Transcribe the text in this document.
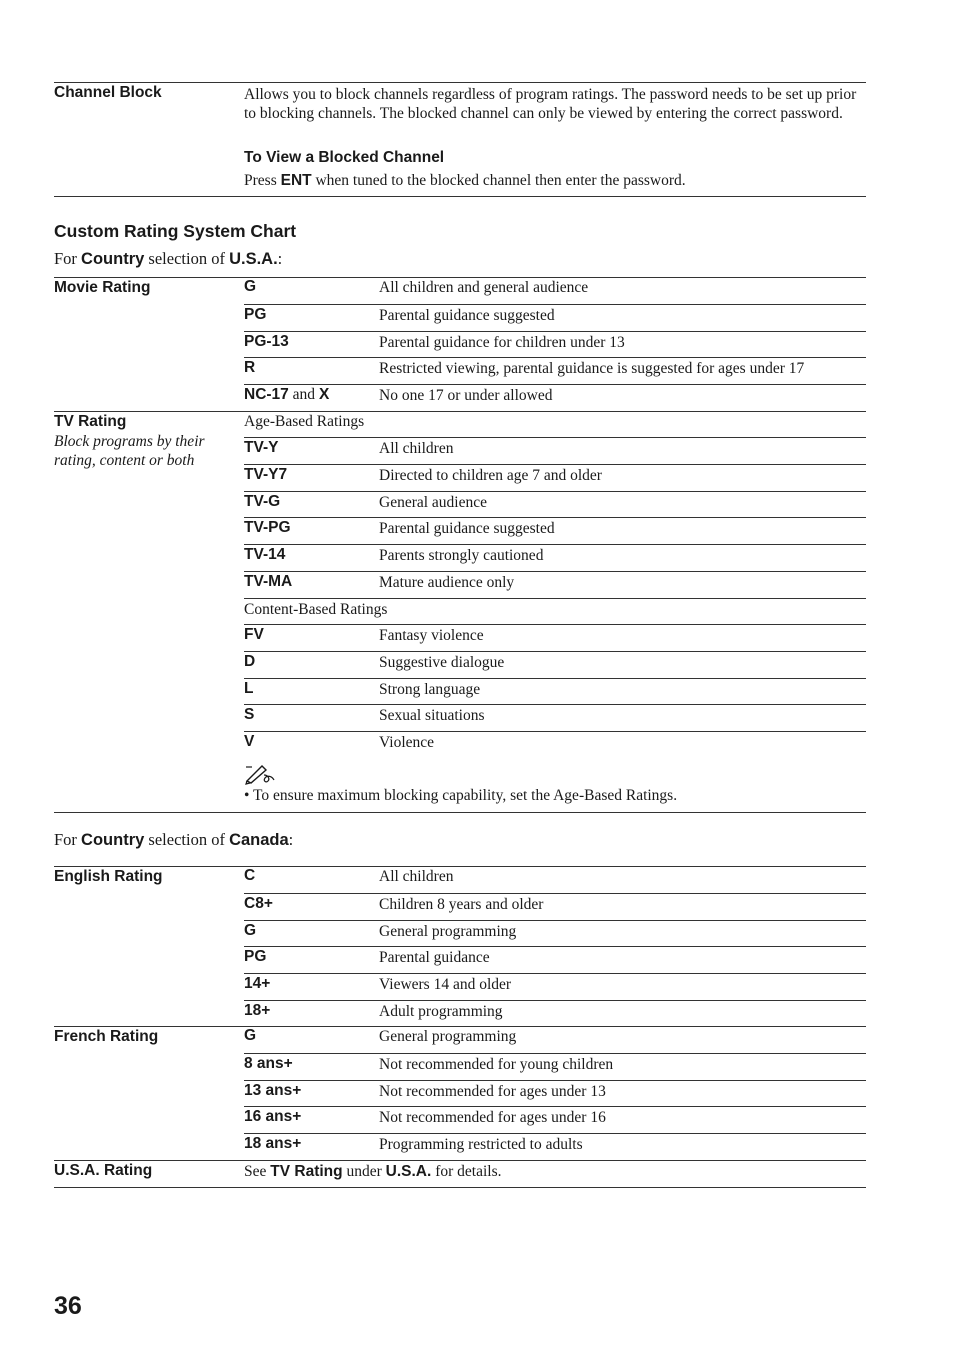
Channel Block	Allows you to block channels regardless of program ratings. The password needs to be set up prior to blocking channels. The blocked channel can only be viewed by entering the correct password.
To View a Blocked Channel
Press ENT when tuned to the blocked channel then enter the password.
Custom Rating System Chart
For Country selection of U.S.A.:
Movie Rating	G	All children and general audience
PG	Parental guidance suggested
PG-13	Parental guidance for children under 13
R	Restricted viewing, parental guidance is suggested for ages under 17
NC-17 and X	No one 17 or under allowed
TV Rating
Block programs by their rating, content or both
Age-Based Ratings
TV-Y	All children
TV-Y7	Directed to children age 7 and older
TV-G	General audience
TV-PG	Parental guidance suggested
TV-14	Parents strongly cautioned
TV-MA	Mature audience only
Content-Based Ratings
FV	Fantasy violence
D	Suggestive dialogue
L	Strong language
S	Sexual situations
V	Violence
• To ensure maximum blocking capability, set the Age-Based Ratings.
For Country selection of Canada:
English Rating	C	All children
C8+	Children 8 years and older
G	General programming
PG	Parental guidance
14+	Viewers 14 and older
18+	Adult programming
French Rating	G	General programming
8 ans+	Not recommended for young children
13 ans+	Not recommended for ages under 13
16 ans+	Not recommended for ages under 16
18 ans+	Programming restricted to adults
U.S.A. Rating	See TV Rating under U.S.A. for details.
36
